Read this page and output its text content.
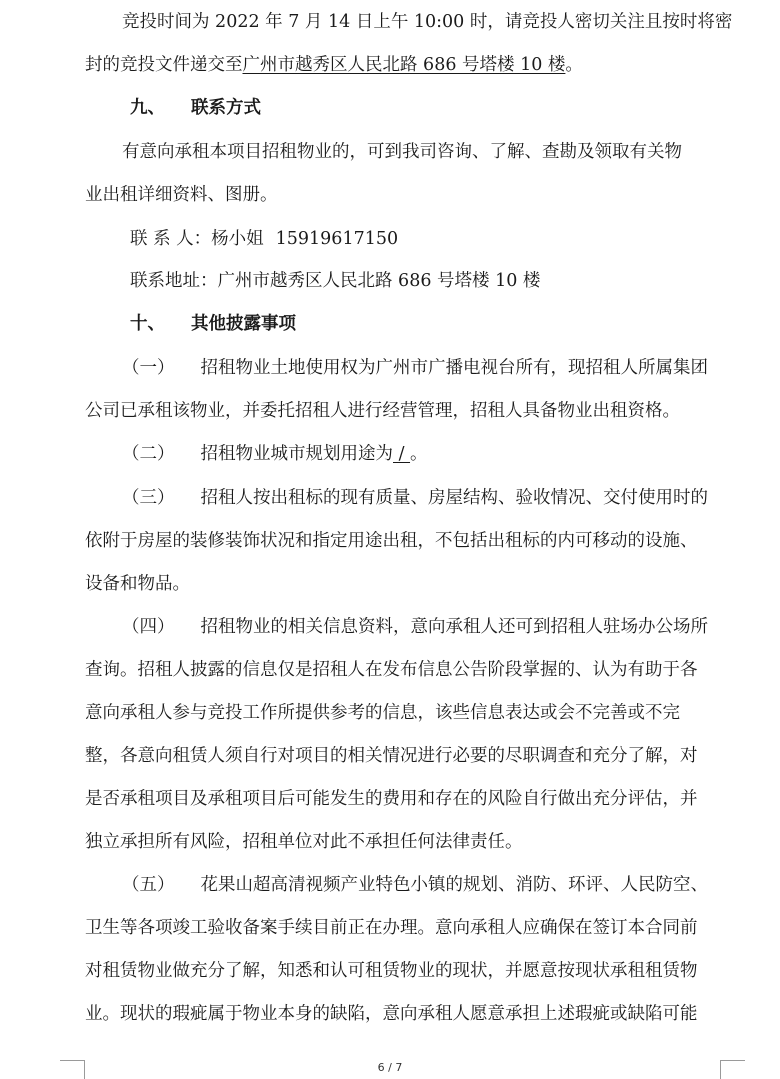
竞投时间为 2022 年 7 月 14 日上午 10:00 时，请竞投人密切关注且按时将密
封的竞投文件递交至广州市越秀区人民北路 686 号塔楼 10 楼。
九、 联系方式
有意向承租本项目招租物业的，可到我司咨询、了解、查勘及领取有关物
业出租详细资料、图册。
联 系 人：杨小姐 15919617150
联系地址：广州市越秀区人民北路 686 号塔楼 10 楼
十、 其他披露事项
（一） 招租物业土地使用权为广州市广播电视台所有，现招租人所属集团
公司已承租该物业，并委托招租人进行经营管理，招租人具备物业出租资格。
（二） 招租物业城市规划用途为 / 。
（三） 招租人按出租标的现有质量、房屋结构、验收情况、交付使用时的
依附于房屋的装修装饰状况和指定用途出租，不包括出租标的内可移动的设施、
设备和物品。
（四） 招租物业的相关信息资料，意向承租人还可到招租人驻场办公场所
查询。招租人披露的信息仅是招租人在发布信息公告阶段掌握的、认为有助于各
意向承租人参与竞投工作所提供参考的信息，该些信息表达或会不完善或不完
整，各意向租赁人须自行对项目的相关情况进行必要的尽职调查和充分了解，对
是否承租项目及承租项目后可能发生的费用和存在的风险自行做出充分评估，并
独立承担所有风险，招租单位对此不承担任何法律责任。
（五） 花果山超高清视频产业特色小镇的规划、消防、环评、人民防空、
卫生等各项竣工验收备案手续目前正在办理。意向承租人应确保在签订本合同前
对租赁物业做充分了解，知悉和认可租赁物业的现状，并愿意按现状承租租赁物
业。现状的瑕疵属于物业本身的缺陷，意向承租人愿意承担上述瑕疵或缺陷可能
6 / 7
